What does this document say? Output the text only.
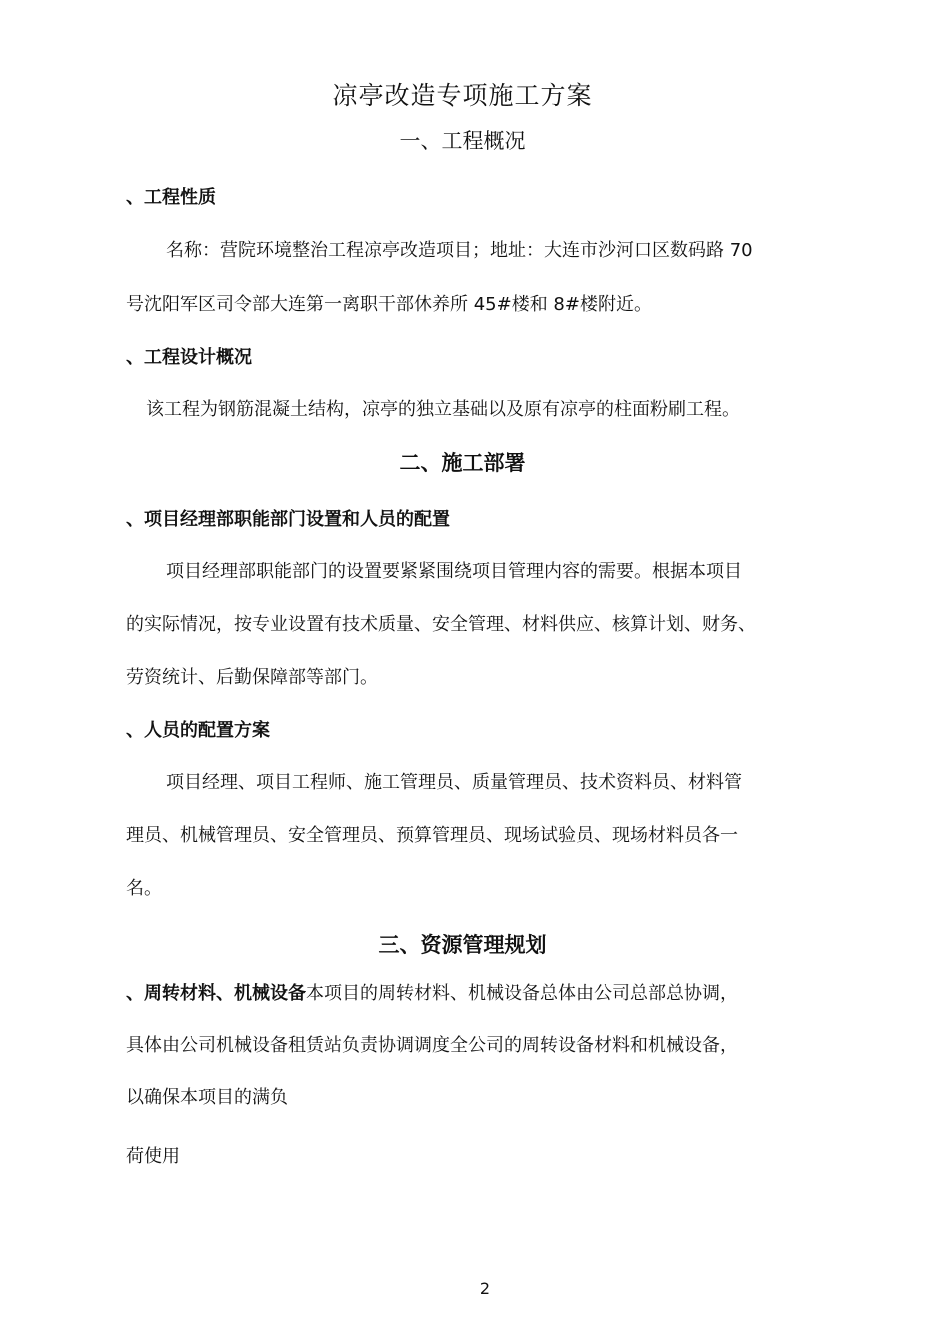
凉亭改造专项施工方案
一、工程概况
、工程性质
名称：营院环境整治工程凉亭改造项目；地址：大连市沙河口区数码路 70
号沈阳军区司令部大连第一离职干部休养所 45#楼和 8#楼附近。
、工程设计概况
该工程为钢筋混凝土结构，凉亭的独立基础以及原有凉亭的柱面粉刷工程。
二、施工部署
、项目经理部职能部门设置和人员的配置
项目经理部职能部门的设置要紧紧围绕项目管理内容的需要。根据本项目
的实际情况，按专业设置有技术质量、安全管理、材料供应、核算计划、财务、
劳资统计、后勤保障部等部门。
、人员的配置方案
项目经理、项目工程师、施工管理员、质量管理员、技术资料员、材料管
理员、机械管理员、安全管理员、预算管理员、现场试验员、现场材料员各一
名。
三、资源管理规划
、周转材料、机械设备本项目的周转材料、机械设备总体由公司总部总协调，
具体由公司机械设备租赁站负责协调调度全公司的周转设备材料和机械设备，
以确保本项目的满负
荷使用
2
